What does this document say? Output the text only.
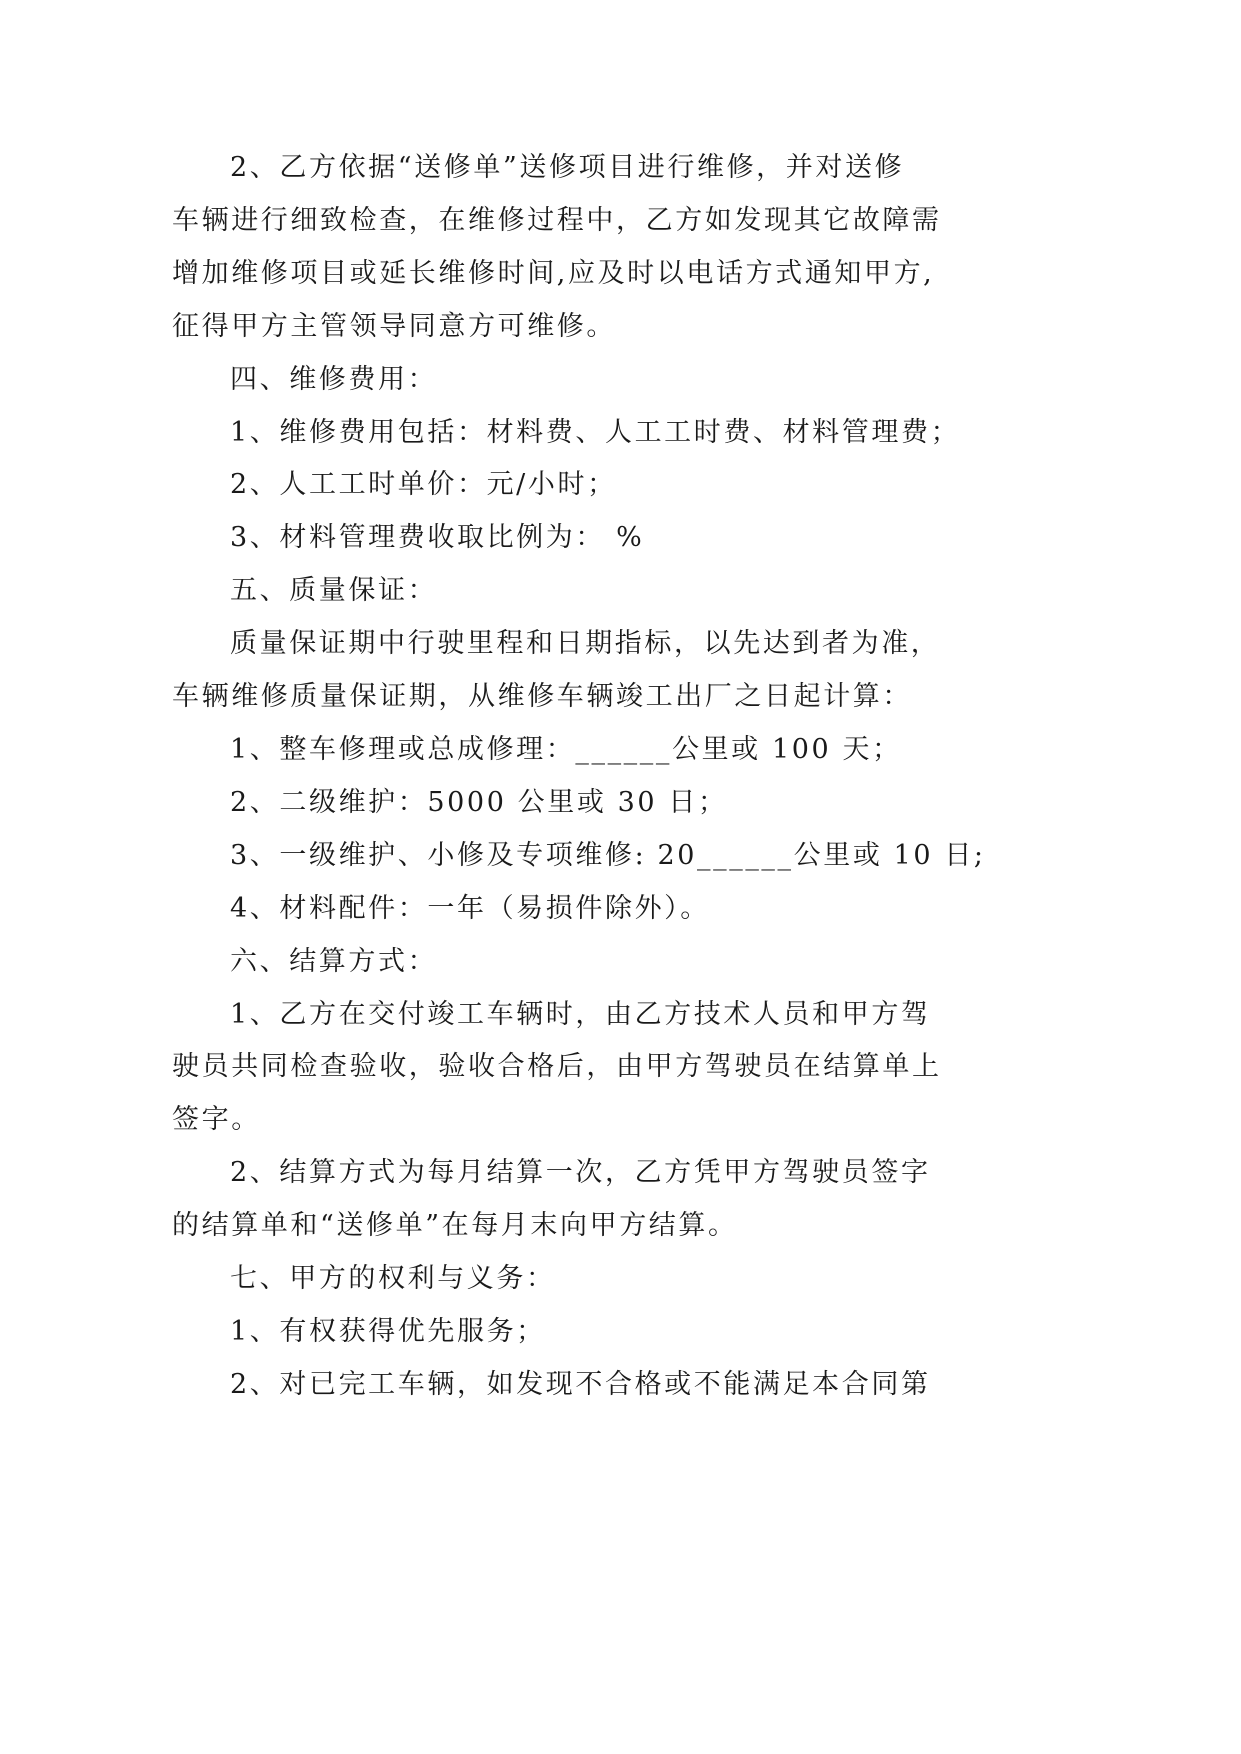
2、乙方依据“送修单”送修项目进行维修，并对送修

车辆进行细致检查，在维修过程中，乙方如发现其它故障需

增加维修项目或延长维修时间,应及时以电话方式通知甲方,

征得甲方主管领导同意方可维修。

四、维修费用：

1、维修费用包括：材料费、人工工时费、材料管理费；

2、人工工时单价：元/小时；

3、材料管理费收取比例为： %

五、质量保证：

质量保证期中行驶里程和日期指标，以先达到者为准，

车辆维修质量保证期，从维修车辆竣工出厂之日起计算：

1、整车修理或总成修理：______公里或 100 天；

2、二级维护：5000 公里或 30 日；

3、一级维护、小修及专项维修: 20______公里或 10 日;

4、材料配件：一年（易损件除外）。

六、结算方式：

1、乙方在交付竣工车辆时，由乙方技术人员和甲方驾

驶员共同检查验收，验收合格后，由甲方驾驶员在结算单上

签字。

2、结算方式为每月结算一次，乙方凭甲方驾驶员签字

的结算单和“送修单”在每月末向甲方结算。

七、甲方的权利与义务：

1、有权获得优先服务；

2、对已完工车辆，如发现不合格或不能满足本合同第
